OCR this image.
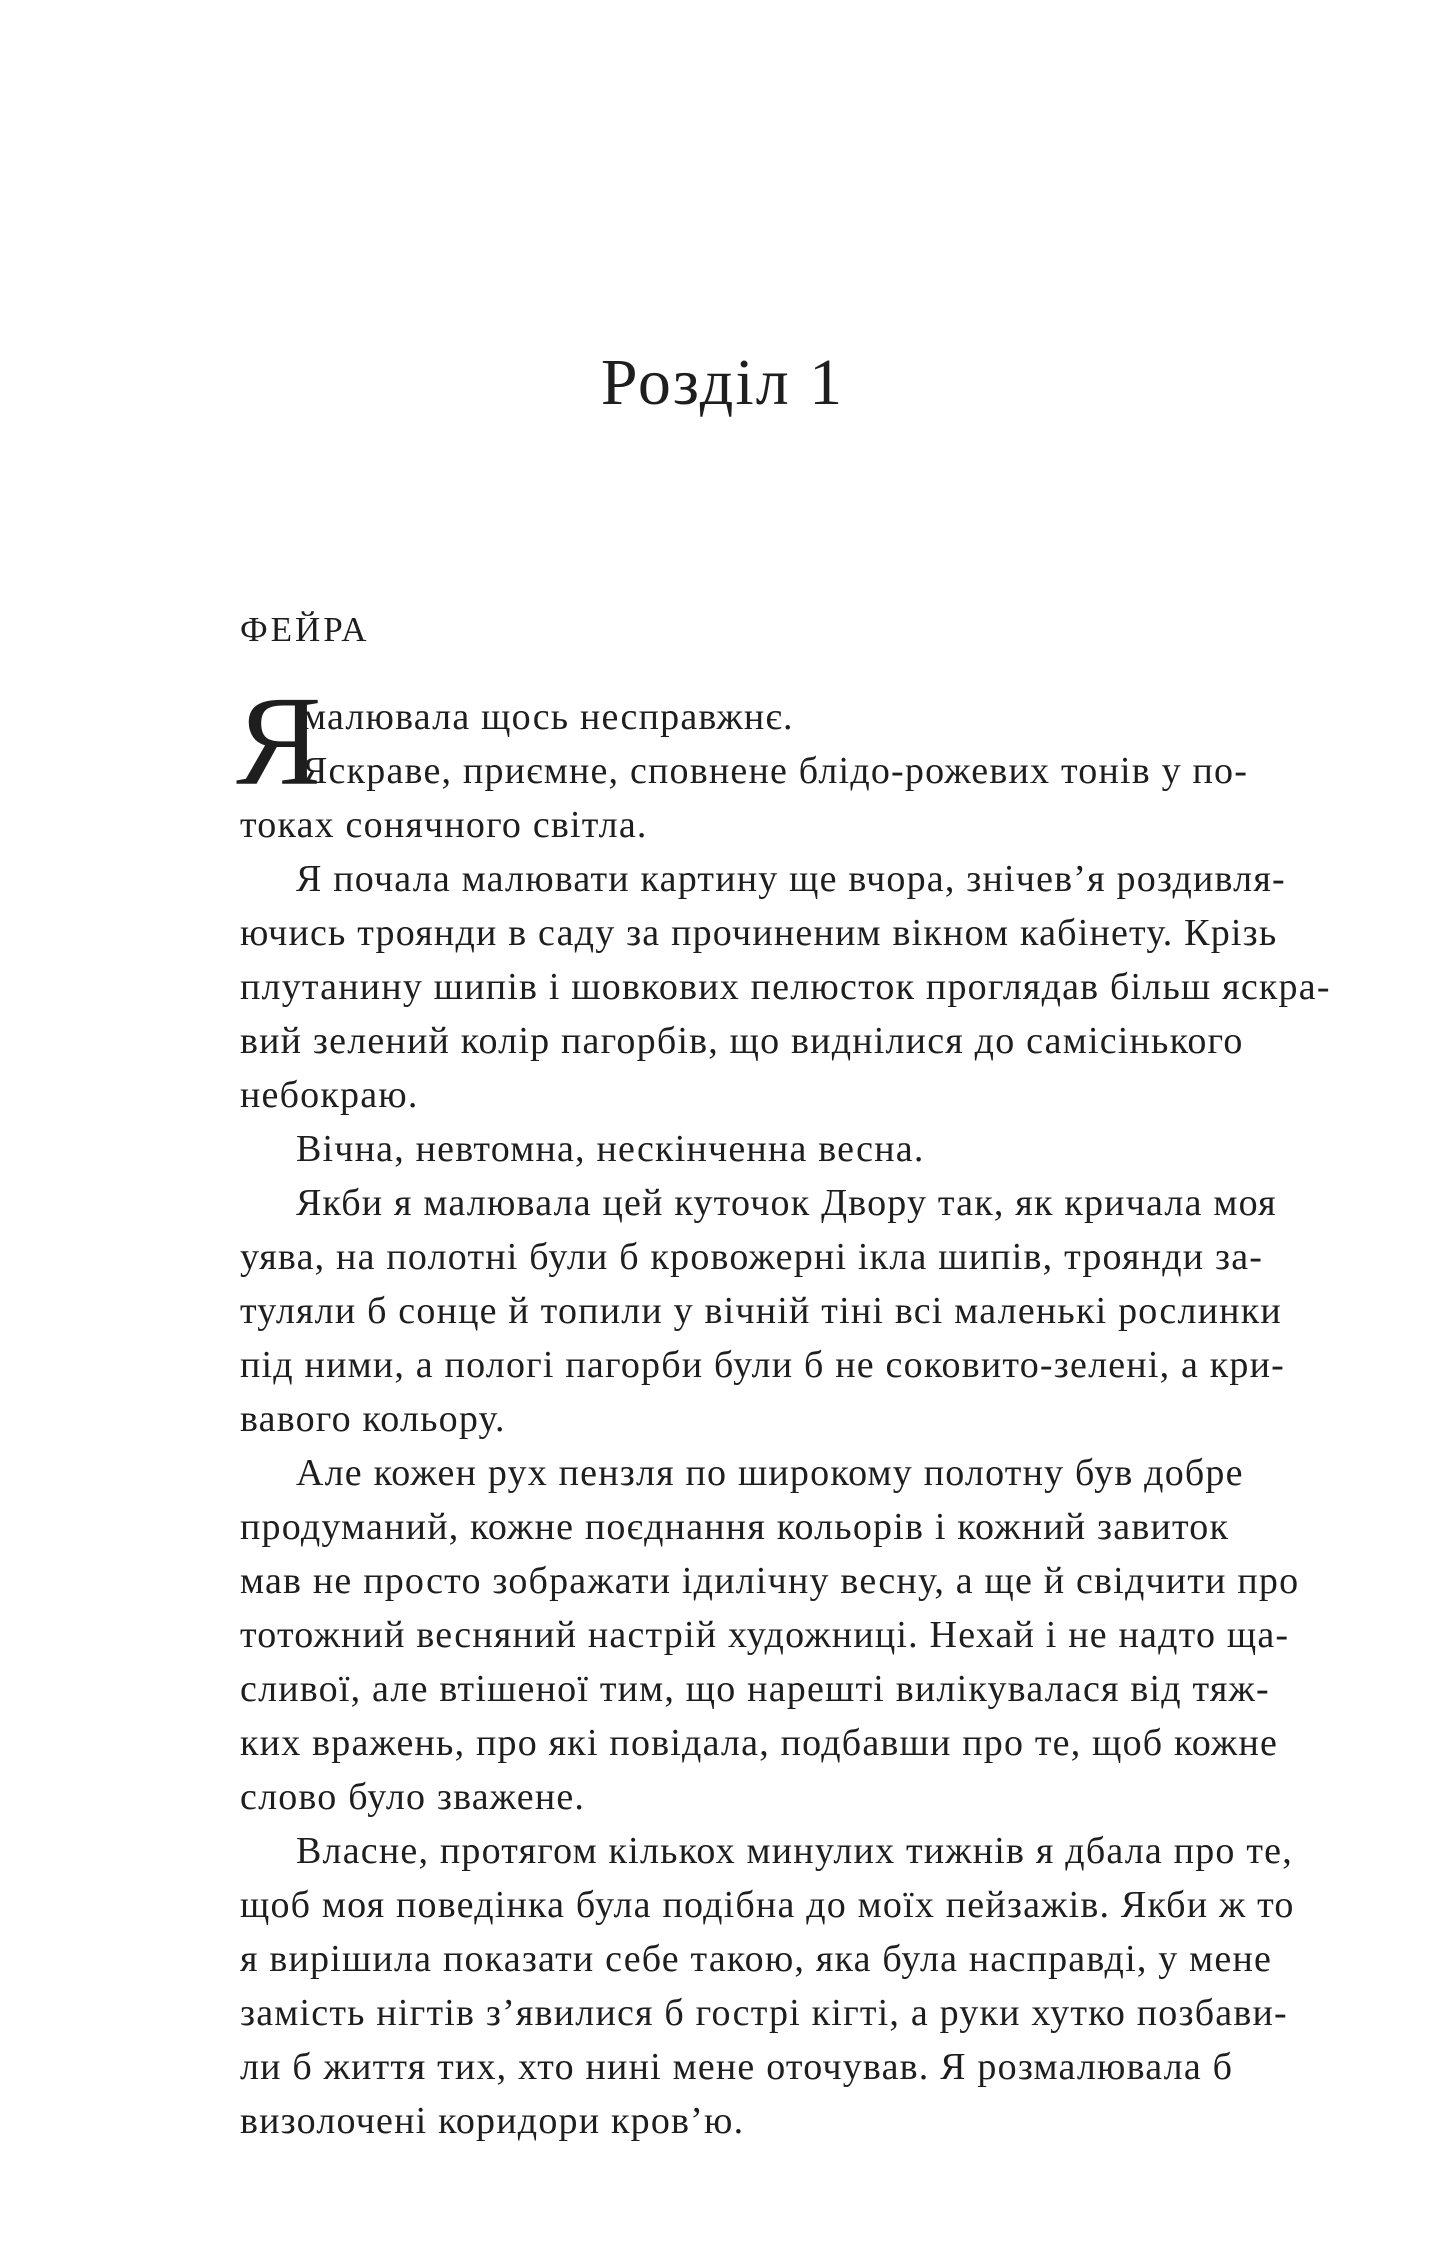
Розділ 1
ФЕЙРА
Я
малювала щось несправжнє.
Яскраве, приємне, сповнене блідо-рожевих тонів у по-
токах сонячного світла.
Я почала малювати картину ще вчора, знічев’я роздивля-
ючись троянди в саду за прочиненим вікном кабінету. Крізь
плутанину шипів і шовкових пелюсток проглядав більш яскра-
вий зелений колір пагорбів, що виднілися до самісінького
небокраю.
Вічна, невтомна, нескінченна весна.
Якби я малювала цей куточок Двору так, як кричала моя
уява, на полотні були б кровожерні ікла шипів, троянди за-
туляли б сонце й топили у вічній тіні всі маленькі рослинки
під ними, а пологі пагорби були б не соковито-зелені, а кри-
вавого кольору.
Але кожен рух пензля по широкому полотну був добре
продуманий, кожне поєднання кольорів і кожний завиток
мав не просто зображати ідилічну весну, а ще й свідчити про
тотожний весняний настрій художниці. Нехай і не надто ща-
сливої, але втішеної тим, що нарешті вилікувалася від тяж-
ких вражень, про які повідала, подбавши про те, щоб кожне
слово було зважене.
Власне, протягом кількох минулих тижнів я дбала про те,
щоб моя поведінка була подібна до моїх пейзажів. Якби ж то
я вирішила показати себе такою, яка була насправді, у мене
замість нігтів з’явилися б гострі кігті, а руки хутко позбави-
ли б життя тих, хто нині мене оточував. Я розмалювала б
визолочені коридори кров’ю.
